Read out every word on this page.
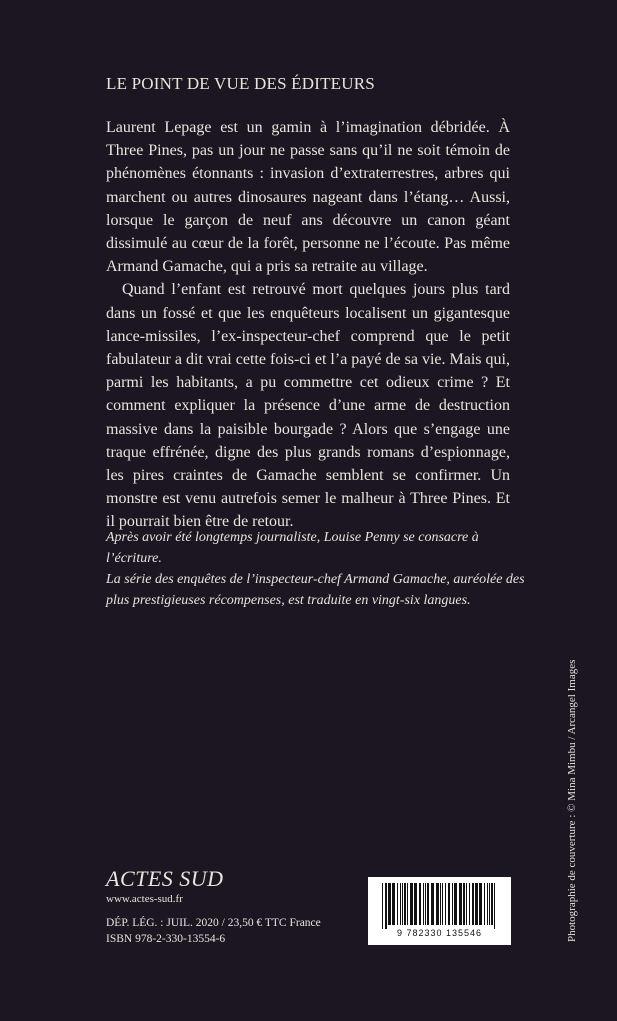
LE POINT DE VUE DES ÉDITEURS

Laurent Lepage est un gamin à l’imagination débridée. À Three Pines, pas un jour ne passe sans qu’il ne soit témoin de phénomènes étonnants : invasion d’extraterrestres, arbres qui marchent ou autres dinosaures nageant dans l’étang… Aussi, lorsque le garçon de neuf ans découvre un canon géant dissimulé au cœur de la forêt, personne ne l’écoute. Pas même Armand Gamache, qui a pris sa retraite au village.

Quand l’enfant est retrouvé mort quelques jours plus tard dans un fossé et que les enquêteurs localisent un gigantesque lance-missiles, l’ex-inspecteur-chef comprend que le petit fabulateur a dit vrai cette fois-ci et l’a payé de sa vie. Mais qui, parmi les habitants, a pu commettre cet odieux crime ? Et comment expliquer la présence d’une arme de destruction massive dans la paisible bourgade ? Alors que s’engage une traque effrénée, digne des plus grands romans d’espionnage, les pires craintes de Gamache semblent se confirmer. Un monstre est venu autrefois semer le malheur à Three Pines. Et il pourrait bien être de retour.

Après avoir été longtemps journaliste, Louise Penny se consacre à l’écriture.

La série des enquêtes de l’inspecteur-chef Armand Gamache, auréolée des

plus prestigieuses récompenses, est traduite en vingt-six langues.

ACTES SUD
www.actes-sud.fr
DÉP. LÉG. : JUIL. 2020 / 23,50 € TTC France
ISBN 978-2-330-13554-6	9 782330 135546	Photographie de couverture : © Mina Mimbu / Arcangel Images
